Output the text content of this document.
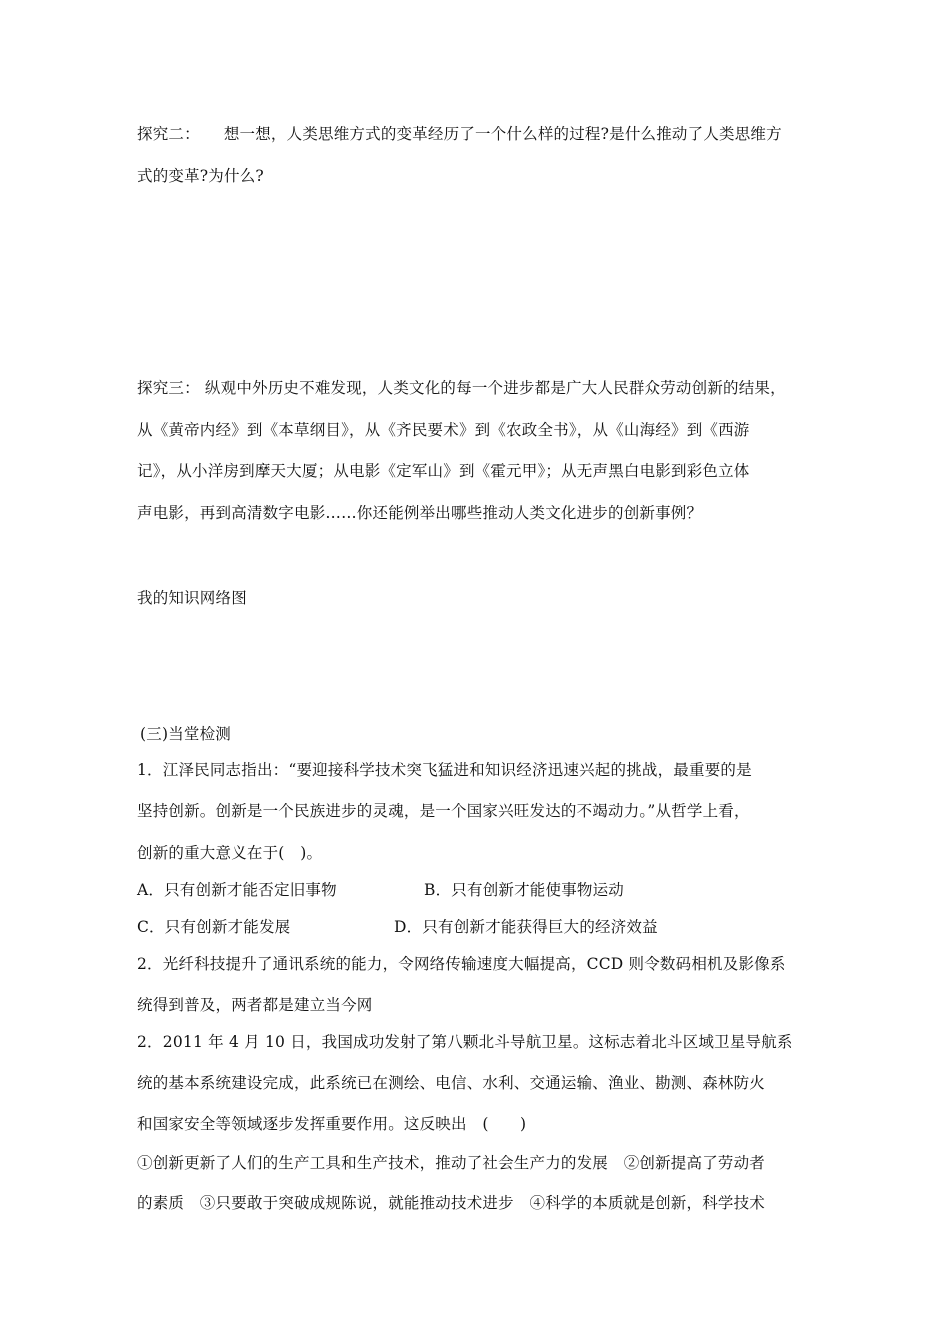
探究二： 想一想，人类思维方式的变革经历了一个什么样的过程?是什么推动了人类思维方
式的变革?为什么?
探究三： 纵观中外历史不难发现，人类文化的每一个进步都是广大人民群众劳动创新的结果，
从《黄帝内经》到《本草纲目》，从《齐民要术》到《农政全书》，从《山海经》到《西游
记》，从小洋房到摩天大厦；从电影《定军山》到《霍元甲》；从无声黑白电影到彩色立体
声电影，再到高清数字电影……你还能例举出哪些推动人类文化进步的创新事例？
我的知识网络图
(三)当堂检测
1．江泽民同志指出：“要迎接科学技术突飞猛进和知识经济迅速兴起的挑战，最重要的是
坚持创新。创新是一个民族进步的灵魂，是一个国家兴旺发达的不竭动力。”从哲学上看，
创新的重大意义在于(　)。
A．只有创新才能否定旧事物	B．只有创新才能使事物运动
C．只有创新才能发展	D．只有创新才能获得巨大的经济效益
2．光纤科技提升了通讯系统的能力，令网络传输速度大幅提高，CCD 则令数码相机及影像系
统得到普及，两者都是建立当今网
2．2011 年 4 月 10 日，我国成功发射了第八颗北斗导航卫星。这标志着北斗区域卫星导航系
统的基本系统建设完成，此系统已在测绘、电信、水利、交通运输、渔业、勘测、森林防火
和国家安全等领域逐步发挥重要作用。这反映出　(　　)
①创新更新了人们的生产工具和生产技术，推动了社会生产力的发展　②创新提高了劳动者
的素质　③只要敢于突破成规陈说，就能推动技术进步　④科学的本质就是创新，科学技术
